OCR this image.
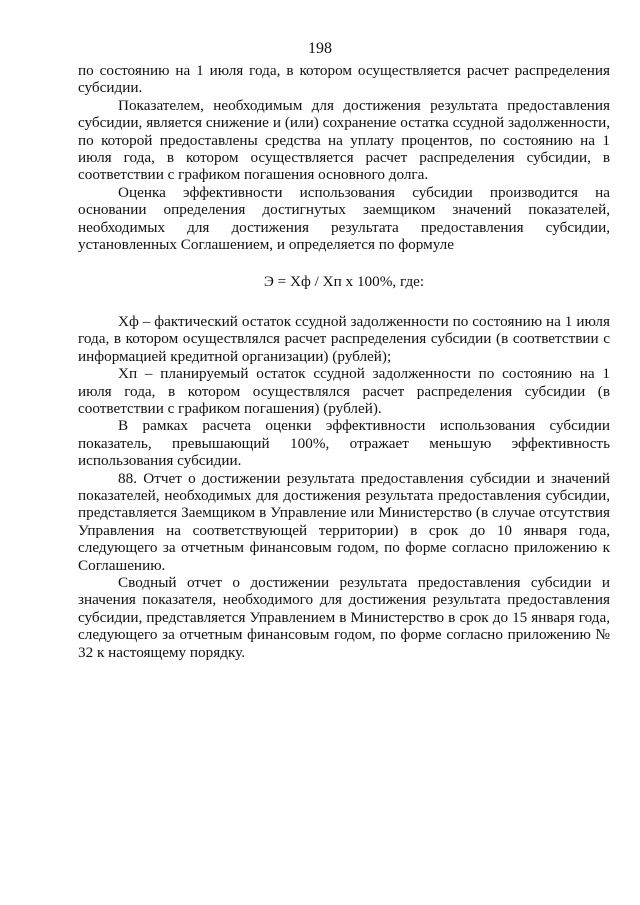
198

по состоянию на 1 июля года, в котором осуществляется расчет распределения субсидии.

Показателем, необходимым для достижения результата предоставления субсидии, является снижение и (или) сохранение остатка ссудной задолженности, по которой предоставлены средства на уплату процентов, по состоянию на 1 июля года, в котором осуществляется расчет распределения субсидии, в соответствии с графиком погашения основного долга.

Оценка эффективности использования субсидии производится на основании определения достигнутых заемщиком значений показателей, необходимых для достижения результата предоставления субсидии, установленных Соглашением, и определяется по формуле

Э = Хф / Хп х 100%, где:

Хф – фактический остаток ссудной задолженности по состоянию на 1 июля года, в котором осуществлялся расчет распределения субсидии (в соответствии с информацией кредитной организации) (рублей);

Хп – планируемый остаток ссудной задолженности по состоянию на 1 июля года, в котором осуществлялся расчет распределения субсидии (в соответствии с графиком погашения) (рублей).

В рамках расчета оценки эффективности использования субсидии показатель, превышающий 100%, отражает меньшую эффективность использования субсидии.

88. Отчет о достижении результата предоставления субсидии и значений показателей, необходимых для достижения результата предоставления субсидии, представляется Заемщиком в Управление или Министерство (в случае отсутствия Управления на соответствующей территории) в срок до 10 января года, следующего за отчетным финансовым годом, по форме согласно приложению к Соглашению.

Сводный отчет о достижении результата предоставления субсидии и значения показателя, необходимого для достижения результата предоставления субсидии, представляется Управлением в Министерство в срок до 15 января года, следующего за отчетным финансовым годом, по форме согласно приложению № 32 к настоящему порядку.
